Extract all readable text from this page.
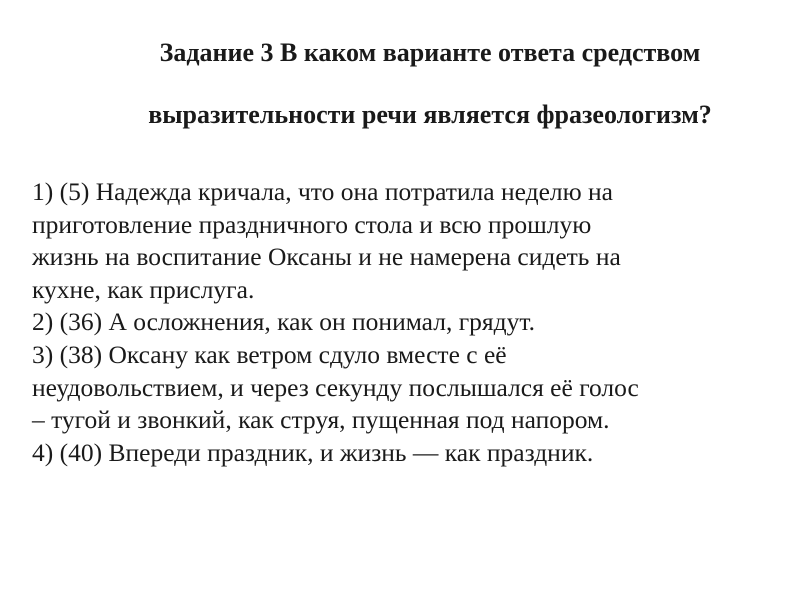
Задание 3 В каком варианте ответа средством
выразительности речи является фразеологизм?
1) (5) Надежда кричала, что она потратила неделю на
приготовление праздничного стола и всю прошлую
жизнь на воспитание Оксаны и не намерена сидеть на
кухне, как прислуга.
2) (36) А осложнения, как он понимал, грядут.
3) (38) Оксану как ветром сдуло вместе с её
неудовольствием, и через секунду послышался её голос
– тугой и звонкий, как струя, пущенная под напором.
4) (40) Впереди праздник, и жизнь — как праздник.
